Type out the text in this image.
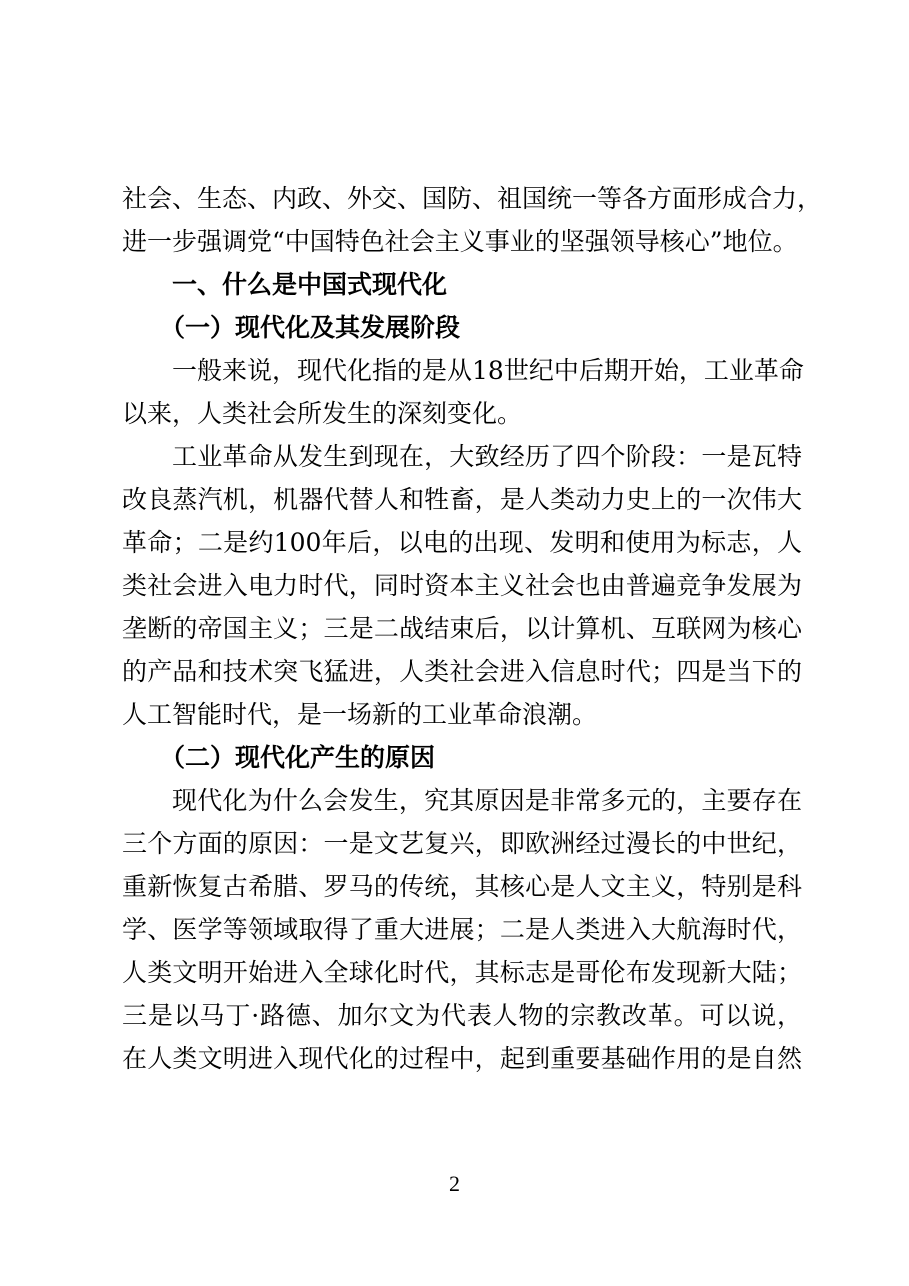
社会、生态、内政、外交、国防、祖国统一等各方面形成合力，
进一步强调党“中国特色社会主义事业的坚强领导核心”地位。
一、什么是中国式现代化
（一）现代化及其发展阶段
一般来说，现代化指的是从18世纪中后期开始，工业革命
以来，人类社会所发生的深刻变化。
工业革命从发生到现在，大致经历了四个阶段：一是瓦特
改良蒸汽机，机器代替人和牲畜，是人类动力史上的一次伟大
革命；二是约100年后，以电的出现、发明和使用为标志，人
类社会进入电力时代，同时资本主义社会也由普遍竞争发展为
垄断的帝国主义；三是二战结束后，以计算机、互联网为核心
的产品和技术突飞猛进，人类社会进入信息时代；四是当下的
人工智能时代，是一场新的工业革命浪潮。
（二）现代化产生的原因
现代化为什么会发生，究其原因是非常多元的，主要存在
三个方面的原因：一是文艺复兴，即欧洲经过漫长的中世纪，
重新恢复古希腊、罗马的传统，其核心是人文主义，特别是科
学、医学等领域取得了重大进展；二是人类进入大航海时代，
人类文明开始进入全球化时代，其标志是哥伦布发现新大陆；
三是以马丁·路德、加尔文为代表人物的宗教改革。可以说，
在人类文明进入现代化的过程中，起到重要基础作用的是自然
2
